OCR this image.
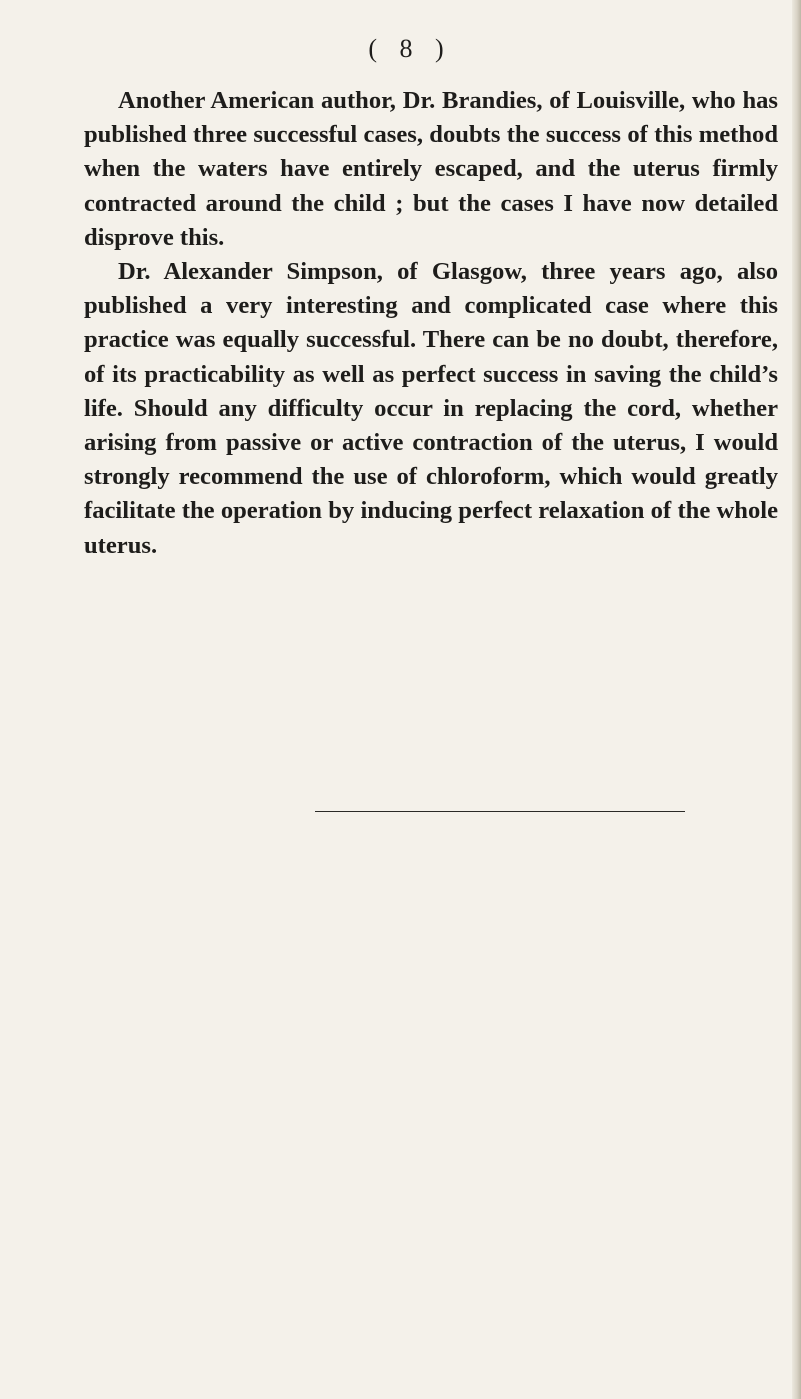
( 8 )

Another American author, Dr. Brandies, of Louisville, who has published three successful cases, doubts the success of this method when the waters have entirely escaped, and the uterus firmly contracted around the child ; but the cases I have now detailed disprove this.

Dr. Alexander Simpson, of Glasgow, three years ago, also published a very interesting and complicated case where this practice was equally successful. There can be no doubt, therefore, of its practicability as well as perfect success in saving the child’s life. Should any difficulty occur in replacing the cord, whether arising from passive or active contraction of the uterus, I would strongly recommend the use of chloroform, which would greatly facilitate the operation by inducing perfect relaxation of the whole uterus.
